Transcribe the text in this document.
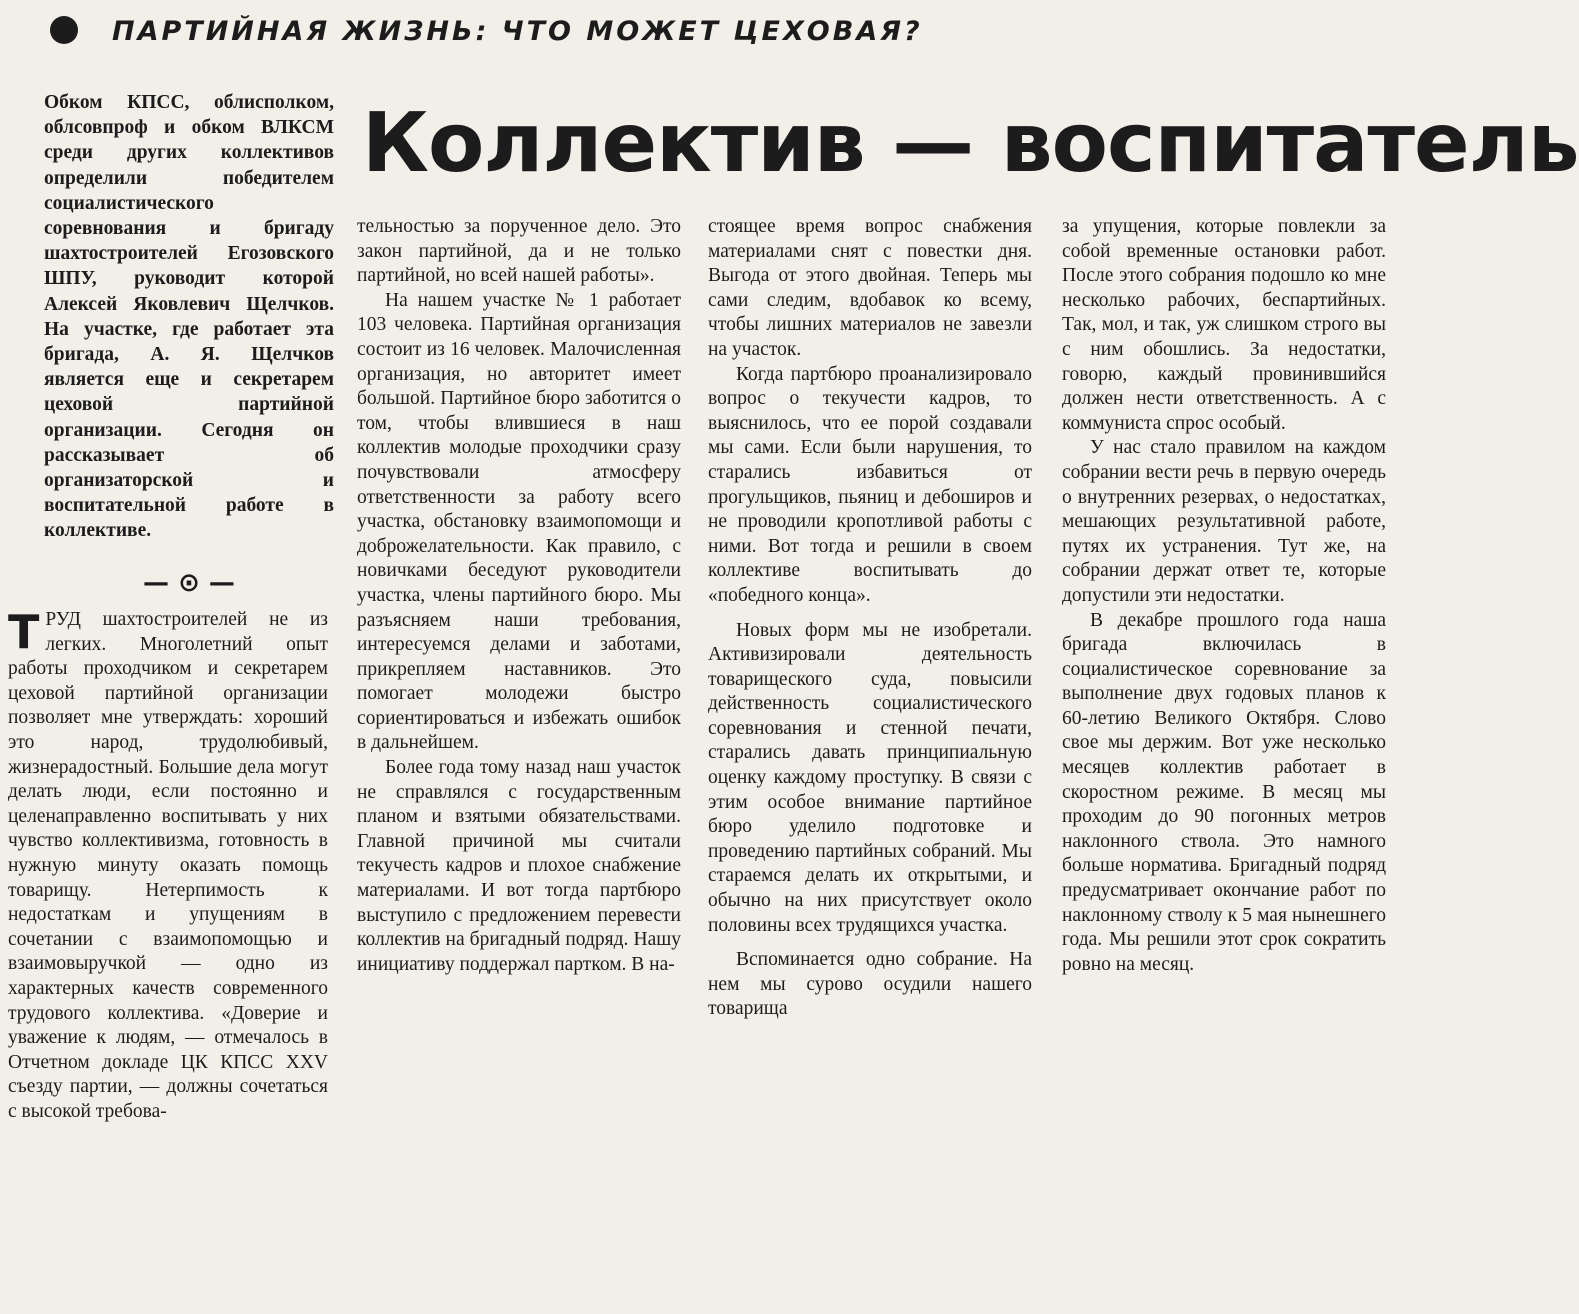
ПАРТИЙНАЯ ЖИЗНЬ: ЧТО МОЖЕТ ЦЕХОВАЯ?
Коллектив — воспитатель
Обком КПСС, облисполком, облсовпроф и обком ВЛКСМ среди других коллективов определили победителем социалистического соревнования и бригаду шахтостроителей Егозовского ШПУ, руководит которой Алексей Яковлевич Щелчков. На участке, где работает эта бригада, А. Я. Щелчков является еще и секретарем цеховой партийной организации. Сегодня он рассказывает об организаторской и воспитательной работе в коллективе.
— ⊙ —

ТРУД шахтостроителей не из легких. Многолетний опыт работы проходчиком и секретарем цеховой партийной организации позволяет мне утверждать: хороший это народ, трудолюбивый, жизнерадостный. Большие дела могут делать люди, если постоянно и целенаправленно воспитывать у них чувство коллективизма, готовность в нужную минуту оказать помощь товарищу. Нетерпимость к недостаткам и упущениям в сочетании с взаимопомощью и взаимовыручкой — одно из характерных качеств современного трудового коллектива. «Доверие и уважение к людям, — отмечалось в Отчетном докладе ЦК КПСС XXV съезду партии, — должны сочетаться с высокой требова-

тельностью за порученное дело. Это закон партийной, да и не только партийной, но всей нашей работы».

На нашем участке № 1 работает 103 человека. Партийная организация состоит из 16 человек. Малочисленная организация, но авторитет имеет большой. Партийное бюро заботится о том, чтобы влившиеся в наш коллектив молодые проходчики сразу почувствовали атмосферу ответственности за работу всего участка, обстановку взаимопомощи и доброжелательности. Как правило, с новичками беседуют руководители участка, члены партийного бюро. Мы разъясняем наши требования, интересуемся делами и заботами, прикрепляем наставников. Это помогает молодежи быстро сориентироваться и избежать ошибок в дальнейшем.

Более года тому назад наш участок не справлялся с государственным планом и взятыми обязательствами. Главной причиной мы считали текучесть кадров и плохое снабжение материалами. И вот тогда партбюро выступило с предложением перевести коллектив на бригадный подряд. Нашу инициативу поддержал партком. В на-

стоящее время вопрос снабжения материалами снят с повестки дня. Выгода от этого двойная. Теперь мы сами следим, вдобавок ко всему, чтобы лишних материалов не завезли на участок.

Когда партбюро проанализировало вопрос о текучести кадров, то выяснилось, что ее порой создавали мы сами. Если были нарушения, то старались избавиться от прогульщиков, пьяниц и дебоширов и не проводили кропотливой работы с ними. Вот тогда и решили в своем коллективе воспитывать до «победного конца».

Новых форм мы не изобретали. Активизировали деятельность товарищеского суда, повысили действенность социалистического соревнования и стенной печати, старались давать принципиальную оценку каждому проступку. В связи с этим особое внимание партийное бюро уделило подготовке и проведению партийных собраний. Мы стараемся делать их открытыми, и обычно на них присутствует около половины всех трудящихся участка.

Вспоминается одно собрание. На нем мы сурово осудили нашего товарища

за упущения, которые повлекли за собой временные остановки работ. После этого собрания подошло ко мне несколько рабочих, беспартийных. Так, мол, и так, уж слишком строго вы с ним обошлись. За недостатки, говорю, каждый провинившийся должен нести ответственность. А с коммуниста спрос особый.

У нас стало правилом на каждом собрании вести речь в первую очередь о внутренних резервах, о недостатках, мешающих результативной работе, путях их устранения. Тут же, на собрании держат ответ те, которые допустили эти недостатки.

В декабре прошлого года наша бригада включилась в социалистическое соревнование за выполнение двух годовых планов к 60-летию Великого Октября. Слово свое мы держим. Вот уже несколько месяцев коллектив работает в скоростном режиме. В месяц мы проходим до 90 погонных метров наклонного ствола. Это намного больше норматива. Бригадный подряд предусматривает окончание работ по наклонному стволу к 5 мая нынешнего года. Мы решили этот срок сократить ровно на месяц.
